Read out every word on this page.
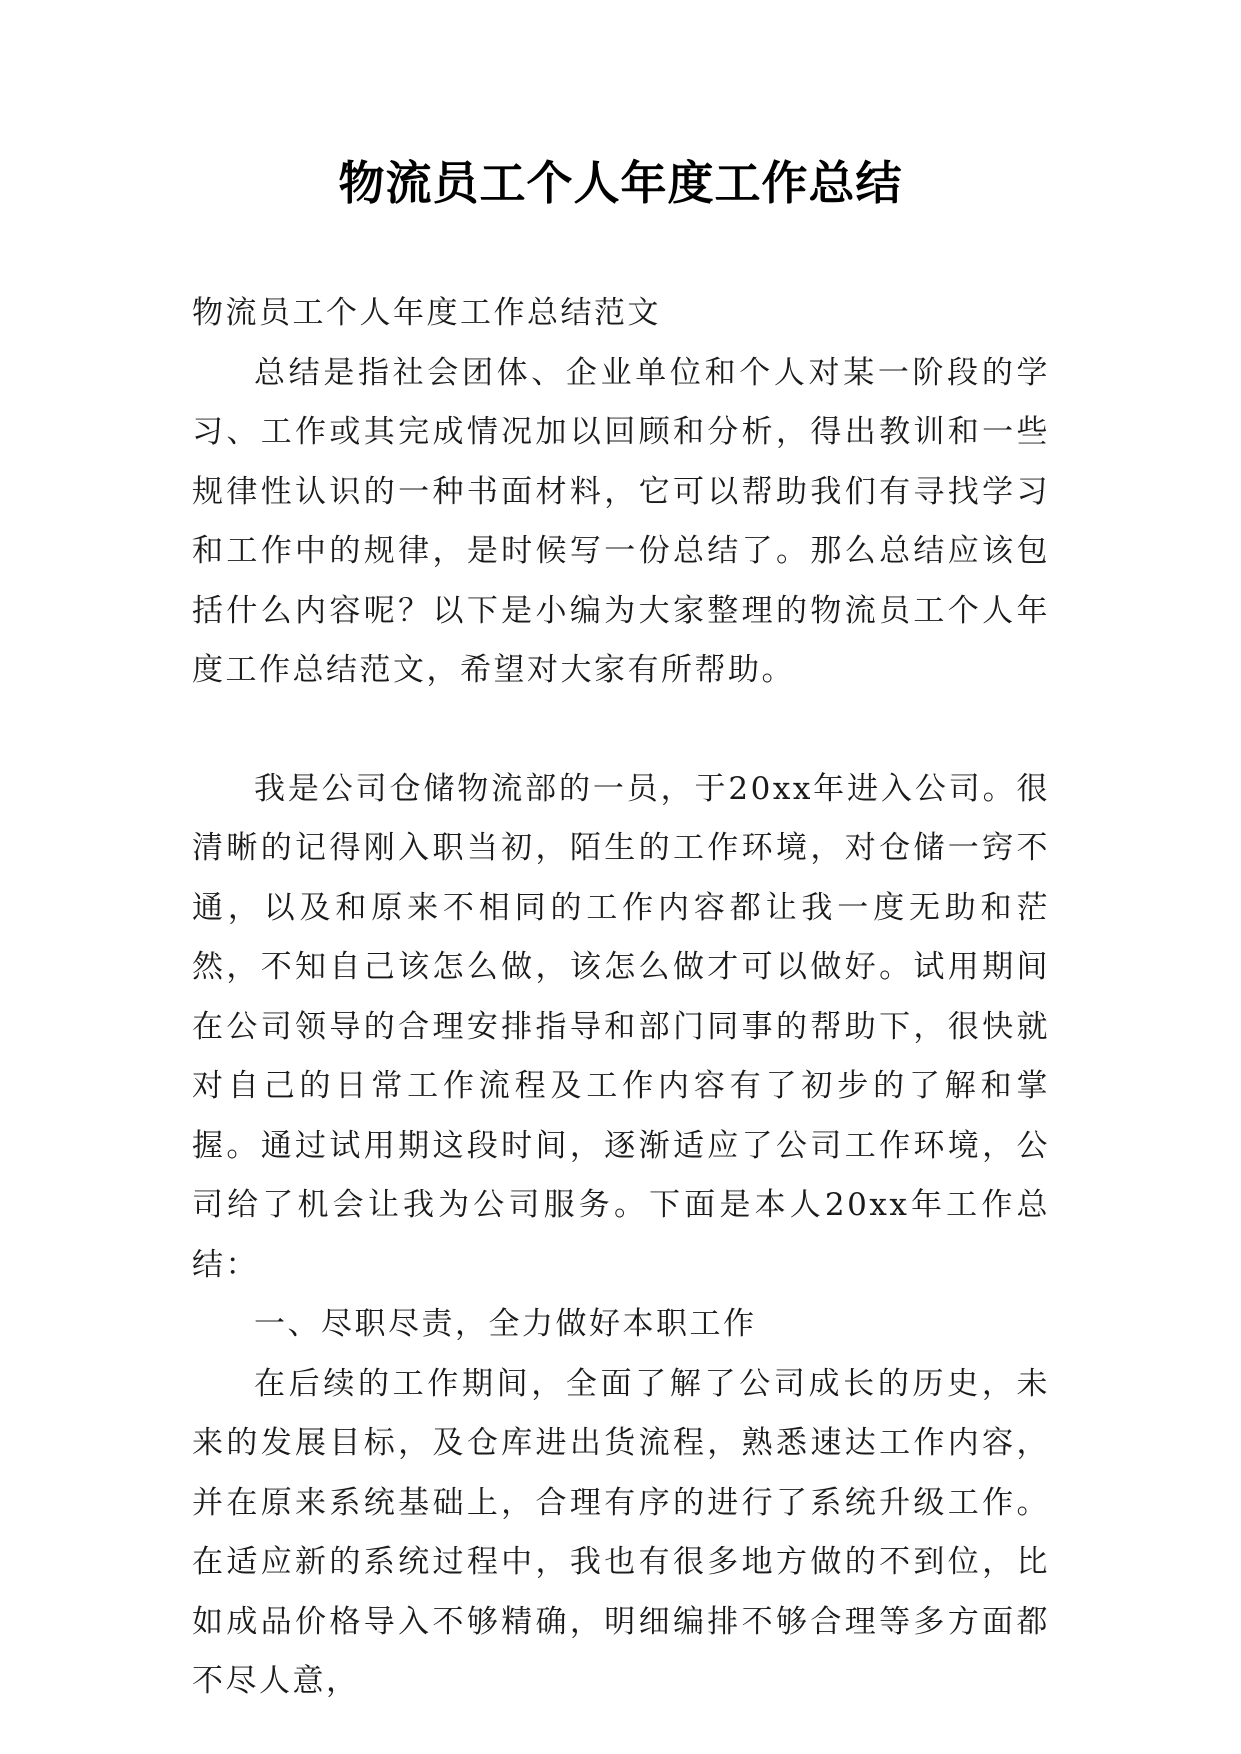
物流员工个人年度工作总结

物流员工个人年度工作总结范文

总结是指社会团体、企业单位和个人对某一阶段的学习、工作或其完成情况加以回顾和分析，得出教训和一些规律性认识的一种书面材料，它可以帮助我们有寻找学习和工作中的规律，是时候写一份总结了。那么总结应该包括什么内容呢？以下是小编为大家整理的物流员工个人年度工作总结范文，希望对大家有所帮助。

我是公司仓储物流部的一员，于20xx年进入公司。很清晰的记得刚入职当初，陌生的工作环境，对仓储一窍不通，以及和原来不相同的工作内容都让我一度无助和茫然，不知自己该怎么做，该怎么做才可以做好。试用期间在公司领导的合理安排指导和部门同事的帮助下，很快就对自己的日常工作流程及工作内容有了初步的了解和掌握。通过试用期这段时间，逐渐适应了公司工作环境，公司给了机会让我为公司服务。下面是本人20xx年工作总结：

一、尽职尽责，全力做好本职工作

在后续的工作期间，全面了解了公司成长的历史，未来的发展目标，及仓库进出货流程，熟悉速达工作内容，并在原来系统基础上，合理有序的进行了系统升级工作。在适应新的系统过程中，我也有很多地方做的不到位，比如成品价格导入不够精确，明细编排不够合理等多方面都不尽人意，
